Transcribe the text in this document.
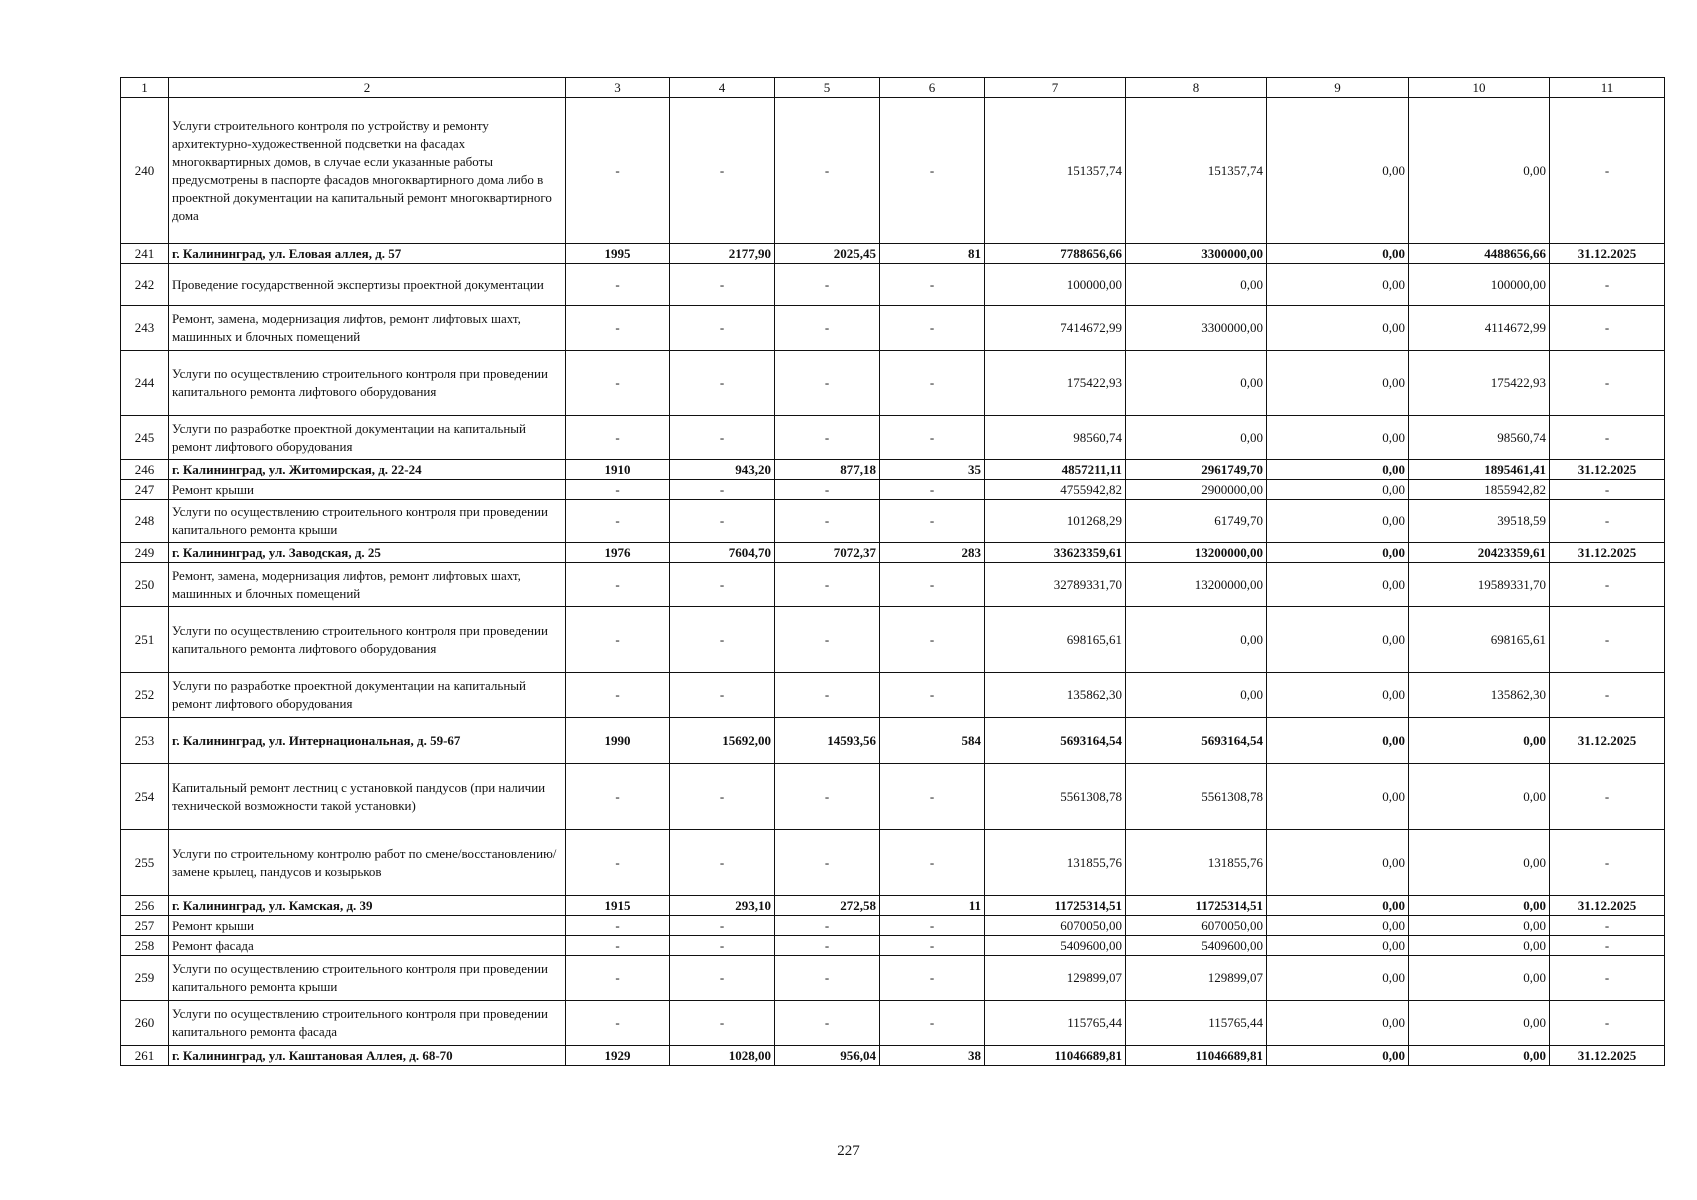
1	2	3	4	5	6	7	8	9	10	11
240	Услуги строительного контроля по устройству и ремонту архитектурно-художественной подсветки на фасадах многоквартирных домов, в случае если указанные работы предусмотрены в паспорте фасадов многоквартирного дома либо в проектной документации на капитальный ремонт многоквартирного дома	-	-	-	-	151357,74	151357,74	0,00	0,00	-
241	г. Калининград, ул. Еловая аллея, д. 57	1995	2177,90	2025,45	81	7788656,66	3300000,00	0,00	4488656,66	31.12.2025
242	Проведение государственной экспертизы проектной документации	-	-	-	-	100000,00	0,00	0,00	100000,00	-
243	Ремонт, замена, модернизация лифтов, ремонт лифтовых шахт, машинных и блочных помещений	-	-	-	-	7414672,99	3300000,00	0,00	4114672,99	-
244	Услуги по осуществлению строительного контроля при проведении капитального ремонта лифтового оборудования	-	-	-	-	175422,93	0,00	0,00	175422,93	-
245	Услуги по разработке проектной документации на капитальный ремонт лифтового оборудования	-	-	-	-	98560,74	0,00	0,00	98560,74	-
246	г. Калининград, ул. Житомирская, д. 22-24	1910	943,20	877,18	35	4857211,11	2961749,70	0,00	1895461,41	31.12.2025
247	Ремонт крыши	-	-	-	-	4755942,82	2900000,00	0,00	1855942,82	-
248	Услуги по осуществлению строительного контроля при проведении капитального ремонта крыши	-	-	-	-	101268,29	61749,70	0,00	39518,59	-
249	г. Калининград, ул. Заводская, д. 25	1976	7604,70	7072,37	283	33623359,61	13200000,00	0,00	20423359,61	31.12.2025
250	Ремонт, замена, модернизация лифтов, ремонт лифтовых шахт, машинных и блочных помещений	-	-	-	-	32789331,70	13200000,00	0,00	19589331,70	-
251	Услуги по осуществлению строительного контроля при проведении капитального ремонта лифтового оборудования	-	-	-	-	698165,61	0,00	0,00	698165,61	-
252	Услуги по разработке проектной документации на капитальный ремонт лифтового оборудования	-	-	-	-	135862,30	0,00	0,00	135862,30	-
253	г. Калининград, ул. Интернациональная, д. 59-67	1990	15692,00	14593,56	584	5693164,54	5693164,54	0,00	0,00	31.12.2025
254	Капитальный ремонт лестниц с установкой пандусов (при наличии технической возможности такой установки)	-	-	-	-	5561308,78	5561308,78	0,00	0,00	-
255	Услуги по строительному контролю работ по смене/восстановлению/замене крылец, пандусов и козырьков	-	-	-	-	131855,76	131855,76	0,00	0,00	-
256	г. Калининград, ул. Камская, д. 39	1915	293,10	272,58	11	11725314,51	11725314,51	0,00	0,00	31.12.2025
257	Ремонт крыши	-	-	-	-	6070050,00	6070050,00	0,00	0,00	-
258	Ремонт фасада	-	-	-	-	5409600,00	5409600,00	0,00	0,00	-
259	Услуги по осуществлению строительного контроля при проведении капитального ремонта крыши	-	-	-	-	129899,07	129899,07	0,00	0,00	-
260	Услуги по осуществлению строительного контроля при проведении капитального ремонта фасада	-	-	-	-	115765,44	115765,44	0,00	0,00	-
261	г. Калининград, ул. Каштановая Аллея, д. 68-70	1929	1028,00	956,04	38	11046689,81	11046689,81	0,00	0,00	31.12.2025
227
